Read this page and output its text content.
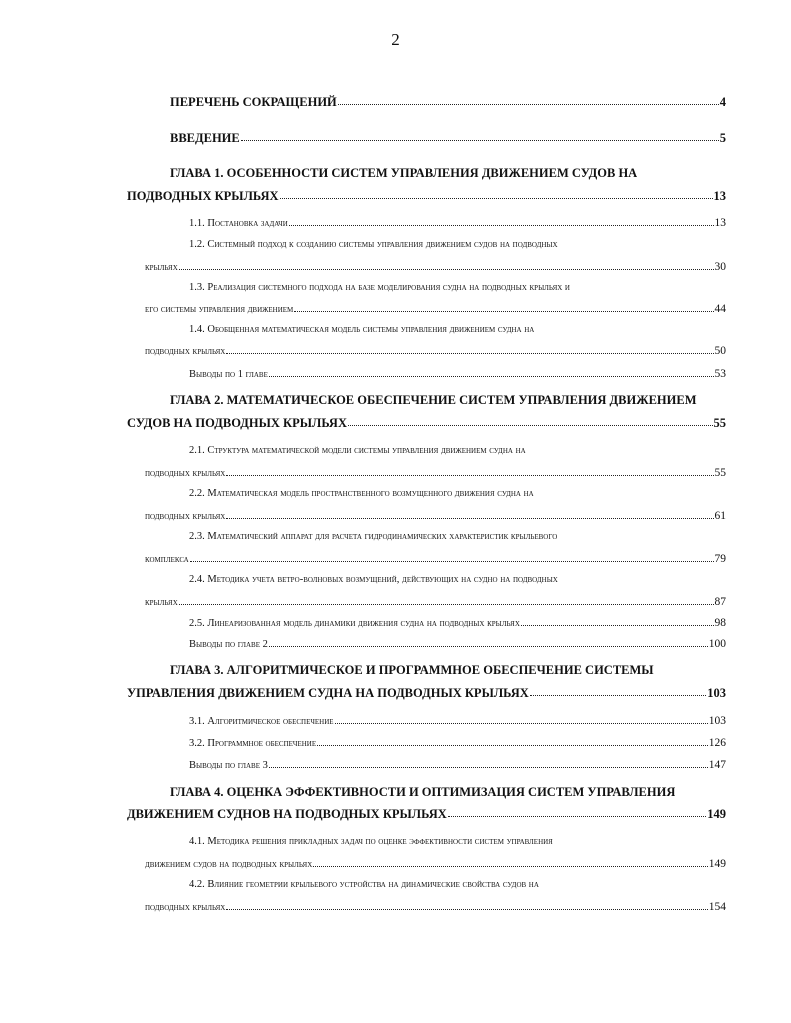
2
ПЕРЕЧЕНЬ СОКРАЩЕНИЙ	4
ВВЕДЕНИЕ	5
ГЛАВА 1. ОСОБЕННОСТИ СИСТЕМ УПРАВЛЕНИЯ ДВИЖЕНИЕМ СУДОВ НА
ПОДВОДНЫХ КРЫЛЬЯХ	13
1.1. Постановка задачи	13
1.2. Системный подход к созданию системы управления движением судов на подводных
крыльях	30
1.3. Реализация системного подхода на базе моделирования судна на подводных крыльях и
его системы управления движением	44
1.4. Обобщенная математическая модель системы управления движением судна на
подводных крыльях	50
Выводы по 1 главе	53
ГЛАВА 2. МАТЕМАТИЧЕСКОЕ ОБЕСПЕЧЕНИЕ СИСТЕМ УПРАВЛЕНИЯ ДВИЖЕНИЕМ
СУДОВ НА ПОДВОДНЫХ КРЫЛЬЯХ	55
2.1. Структура математической модели системы управления движением судна на
подводных крыльях	55
2.2. Математическая модель пространственного возмущенного движения судна на
подводных крыльях	61
2.3. Математический аппарат для расчета гидродинамических характеристик крыльевого
комплекса	79
2.4. Методика учета ветро-волновых возмущений, действующих на судно на подводных
крыльях	87
2.5. Линеаризованная модель динамики движения судна на подводных крыльях	98
Выводы по главе 2	100
ГЛАВА 3. АЛГОРИТМИЧЕСКОЕ И ПРОГРАММНОЕ ОБЕСПЕЧЕНИЕ СИСТЕМЫ
УПРАВЛЕНИЯ ДВИЖЕНИЕМ СУДНА НА ПОДВОДНЫХ КРЫЛЬЯХ	103
3.1. Алгоритмическое обеспечение	103
3.2. Программное обеспечение	126
Выводы по главе 3	147
ГЛАВА 4. ОЦЕНКА ЭФФЕКТИВНОСТИ И ОПТИМИЗАЦИЯ СИСТЕМ УПРАВЛЕНИЯ
ДВИЖЕНИЕМ СУДНОВ НА ПОДВОДНЫХ КРЫЛЬЯХ	149
4.1. Методика решения прикладных задач по оценке эффективности систем управления
движением судов на подводных крыльях	149
4.2. Влияние геометрии крыльевого устройства на динамические свойства судов на
подводных крыльях	154
